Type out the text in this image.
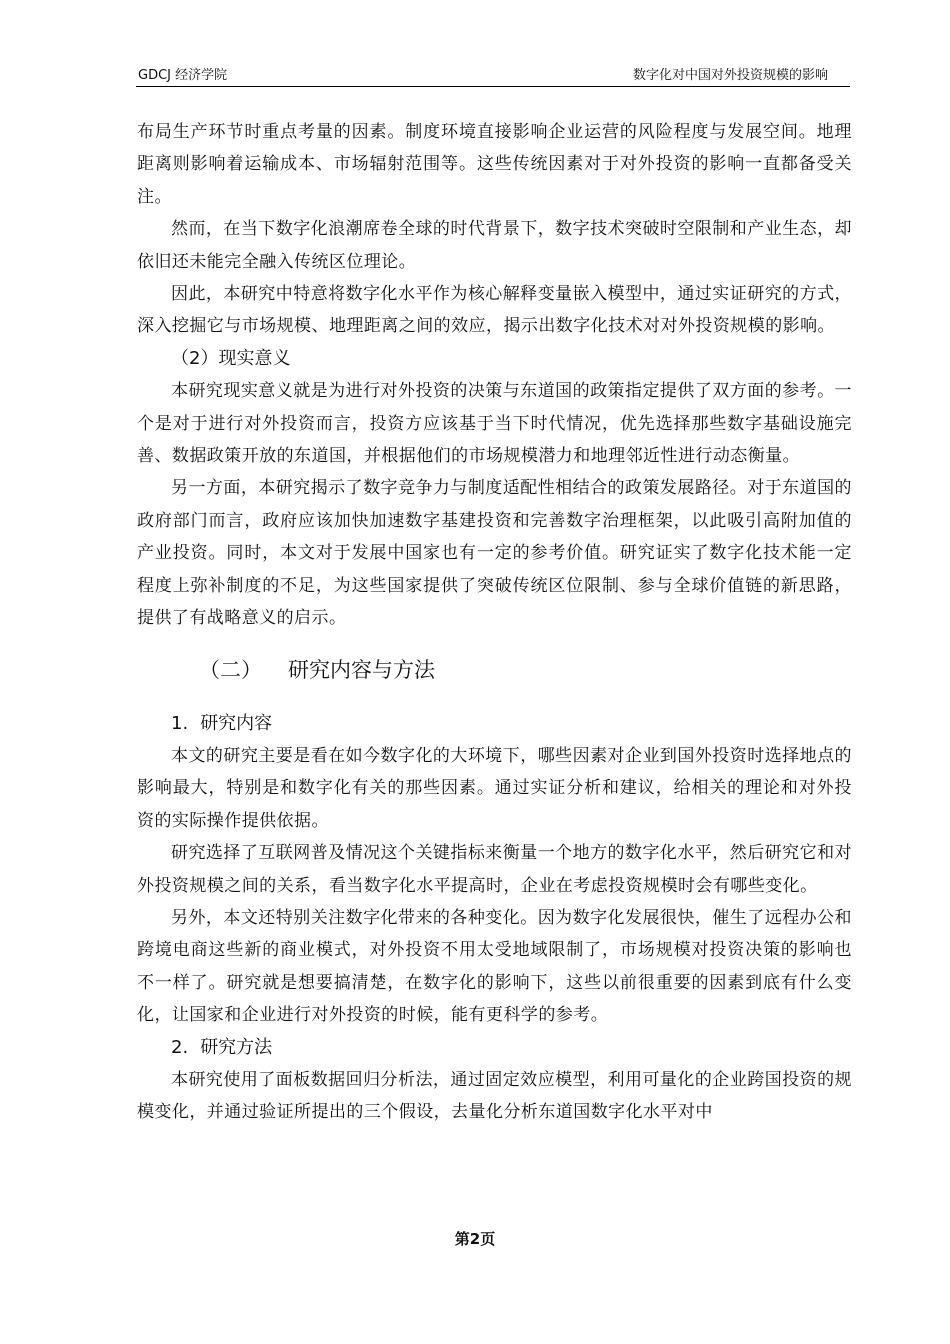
GDCJ 经济学院	数字化对中国对外投资规模的影响

布局生产环节时重点考量的因素。制度环境直接影响企业运营的风险程度与发展空间。地理距离则影响着运输成本、市场辐射范围等。这些传统因素对于对外投资的影响一直都备受关注。

然而，在当下数字化浪潮席卷全球的时代背景下，数字技术突破时空限制和产业生态，却依旧还未能完全融入传统区位理论。

因此，本研究中特意将数字化水平作为核心解释变量嵌入模型中，通过实证研究的方式，深入挖掘它与市场规模、地理距离之间的效应，揭示出数字化技术对对外投资规模的影响。

（2）现实意义

本研究现实意义就是为进行对外投资的决策与东道国的政策指定提供了双方面的参考。一个是对于进行对外投资而言，投资方应该基于当下时代情况，优先选择那些数字基础设施完善、数据政策开放的东道国，并根据他们的市场规模潜力和地理邻近性进行动态衡量。

另一方面，本研究揭示了数字竞争力与制度适配性相结合的政策发展路径。对于东道国的政府部门而言，政府应该加快加速数字基建投资和完善数字治理框架，以此吸引高附加值的产业投资。同时，本文对于发展中国家也有一定的参考价值。研究证实了数字化技术能一定程度上弥补制度的不足，为这些国家提供了突破传统区位限制、参与全球价值链的新思路，提供了有战略意义的启示。

（二） 研究内容与方法
1. 研究内容

本文的研究主要是看在如今数字化的大环境下，哪些因素对企业到国外投资时选择地点的影响最大，特别是和数字化有关的那些因素。通过实证分析和建议，给相关的理论和对外投资的实际操作提供依据。

研究选择了互联网普及情况这个关键指标来衡量一个地方的数字化水平，然后研究它和对外投资规模之间的关系，看当数字化水平提高时，企业在考虑投资规模时会有哪些变化。

另外，本文还特别关注数字化带来的各种变化。因为数字化发展很快，催生了远程办公和跨境电商这些新的商业模式，对外投资不用太受地域限制了，市场规模对投资决策的影响也不一样了。研究就是想要搞清楚，在数字化的影响下，这些以前很重要的因素到底有什么变化，让国家和企业进行对外投资的时候，能有更科学的参考。

2. 研究方法

本研究使用了面板数据回归分析法，通过固定效应模型，利用可量化的企业跨国投资的规模变化，并通过验证所提出的三个假设，去量化分析东道国数字化水平对中

第2页
